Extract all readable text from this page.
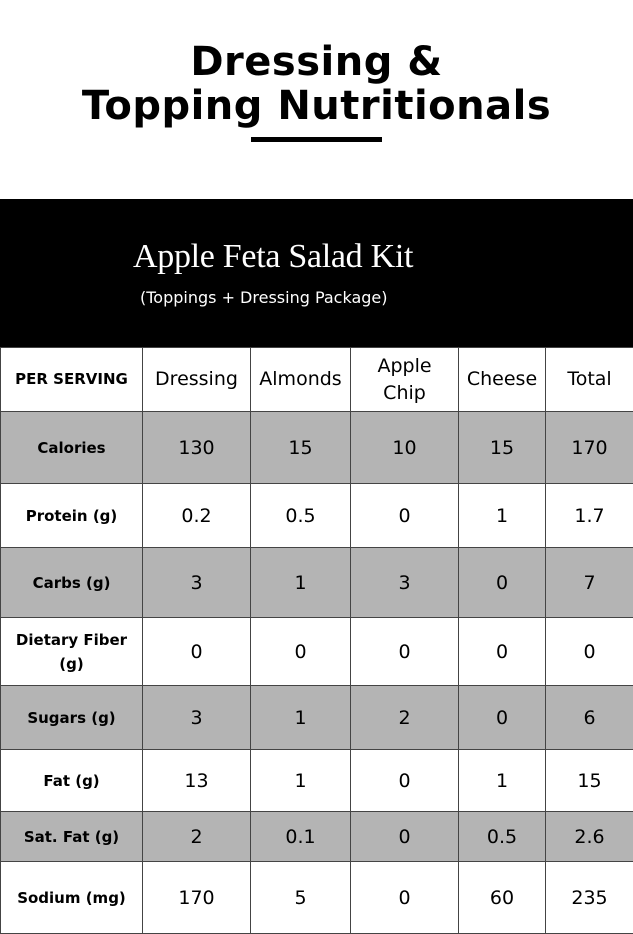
Dressing &
Topping Nutritionals
Apple Feta Salad Kit
(Toppings + Dressing Package)
PER SERVING	Dressing	Almonds	Apple Chip	Cheese	Total
Calories	130	15	10	15	170
Protein (g)	0.2	0.5	0	1	1.7
Carbs (g)	3	1	3	0	7
Dietary Fiber (g)	0	0	0	0	0
Sugars (g)	3	1	2	0	6
Fat (g)	13	1	0	1	15
Sat. Fat (g)	2	0.1	0	0.5	2.6
Sodium (mg)	170	5	0	60	235
